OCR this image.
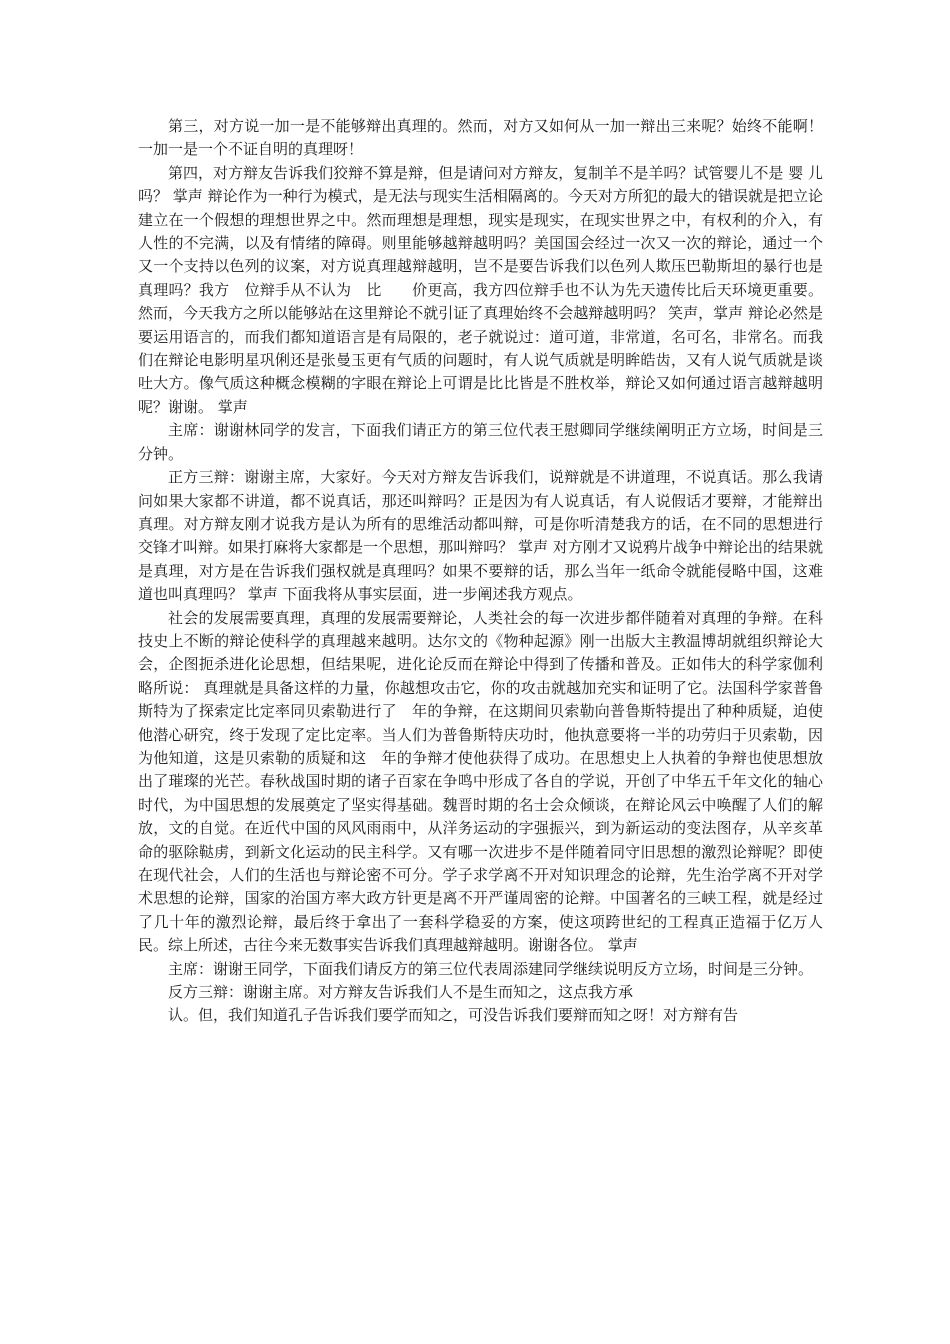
第三，对方说一加一是不能够辩出真理的。然而，对方又如何从一加一辩出三来呢？始终不能啊！一加一是一个不证自明的真理呀！

第四，对方辩友告诉我们狡辩不算是辩，但是请问对方辩友，复制羊不是羊吗？试管婴儿不是 婴 儿吗？ 掌声 辩论作为一种行为模式，是无法与现实生活相隔离的。今天对方所犯的最大的错误就是把立论建立在一个假想的理想世界之中。然而理想是理想，现实是现实，在现实世界之中，有权利的介入，有人性的不完满，以及有情绪的障碍。则里能够越辩越明吗？美国国会经过一次又一次的辩论，通过一个又一个支持以色列的议案，对方说真理越辩越明，岂不是要告诉我们以色列人欺压巴勒斯坦的暴行也是真理吗？我方　位辩手从不认为　比　　价更高，我方四位辩手也不认为先天遗传比后天环境更重要。然而，今天我方之所以能够站在这里辩论不就引证了真理始终不会越辩越明吗？ 笑声，掌声 辩论必然是要运用语言的，而我们都知道语言是有局限的，老子就说过：道可道，非常道，名可名，非常名。而我们在辩论电影明星巩俐还是张曼玉更有气质的问题时，有人说气质就是明眸皓齿，又有人说气质就是谈吐大方。像气质这种概念模糊的字眼在辩论上可谓是比比皆是不胜枚举，辩论又如何通过语言越辩越明呢？谢谢。 掌声

主席：谢谢林同学的发言，下面我们请正方的第三位代表王慰卿同学继续阐明正方立场，时间是三分钟。

正方三辩：谢谢主席，大家好。今天对方辩友告诉我们，说辩就是不讲道理，不说真话。那么我请问如果大家都不讲道，都不说真话，那还叫辩吗？正是因为有人说真话，有人说假话才要辩，才能辩出真理。对方辩友刚才说我方是认为所有的思维活动都叫辩，可是你听清楚我方的话，在不同的思想进行交锋才叫辩。如果打麻将大家都是一个思想，那叫辩吗？ 掌声 对方刚才又说鸦片战争中辩论出的结果就是真理，对方是在告诉我们强权就是真理吗？如果不要辩的话，那么当年一纸命令就能侵略中国，这难道也叫真理吗？ 掌声 下面我将从事实层面，进一步阐述我方观点。

社会的发展需要真理，真理的发展需要辩论，人类社会的每一次进步都伴随着对真理的争辩。在科技史上不断的辩论使科学的真理越来越明。达尔文的《物种起源》刚一出版大主教温博胡就组织辩论大会，企图扼杀进化论思想，但结果呢，进化论反而在辩论中得到了传播和普及。正如伟大的科学家伽利略所说： 真理就是具备这样的力量，你越想攻击它，你的攻击就越加充实和证明了它。法国科学家普鲁斯特为了探索定比定率同贝索勒进行了　年的争辩，在这期间贝索勒向普鲁斯特提出了种种质疑，迫使他潜心研究，终于发现了定比定率。当人们为普鲁斯特庆功时，他执意要将一半的功劳归于贝索勒，因为他知道，这是贝索勒的质疑和这　年的争辩才使他获得了成功。在思想史上人执着的争辩也使思想放出了璀璨的光芒。春秋战国时期的诸子百家在争鸣中形成了各自的学说，开创了中华五千年文化的轴心时代，为中国思想的发展奠定了坚实得基础。魏晋时期的名士会众倾谈，在辩论风云中唤醒了人们的解放，文的自觉。在近代中国的风风雨雨中，从洋务运动的字强振兴，到为新运动的变法图存，从辛亥革命的驱除鞑虏，到新文化运动的民主科学。又有哪一次进步不是伴随着同守旧思想的激烈论辩呢？即使在现代社会，人们的生活也与辩论密不可分。学子求学离不开对知识理念的论辩，先生治学离不开对学术思想的论辩，国家的治国方率大政方针更是离不开严谨周密的论辩。中国著名的三峡工程，就是经过了几十年的激烈论辩，最后终于拿出了一套科学稳妥的方案，使这项跨世纪的工程真正造福于亿万人民。综上所述，古往今来无数事实告诉我们真理越辩越明。谢谢各位。 掌声

主席：谢谢王同学，下面我们请反方的第三位代表周添建同学继续说明反方立场，时间是三分钟。

反方三辩：谢谢主席。对方辩友告诉我们人不是生而知之，这点我方承

认。但，我们知道孔子告诉我们要学而知之，可没告诉我们要辩而知之呀！对方辩有告
